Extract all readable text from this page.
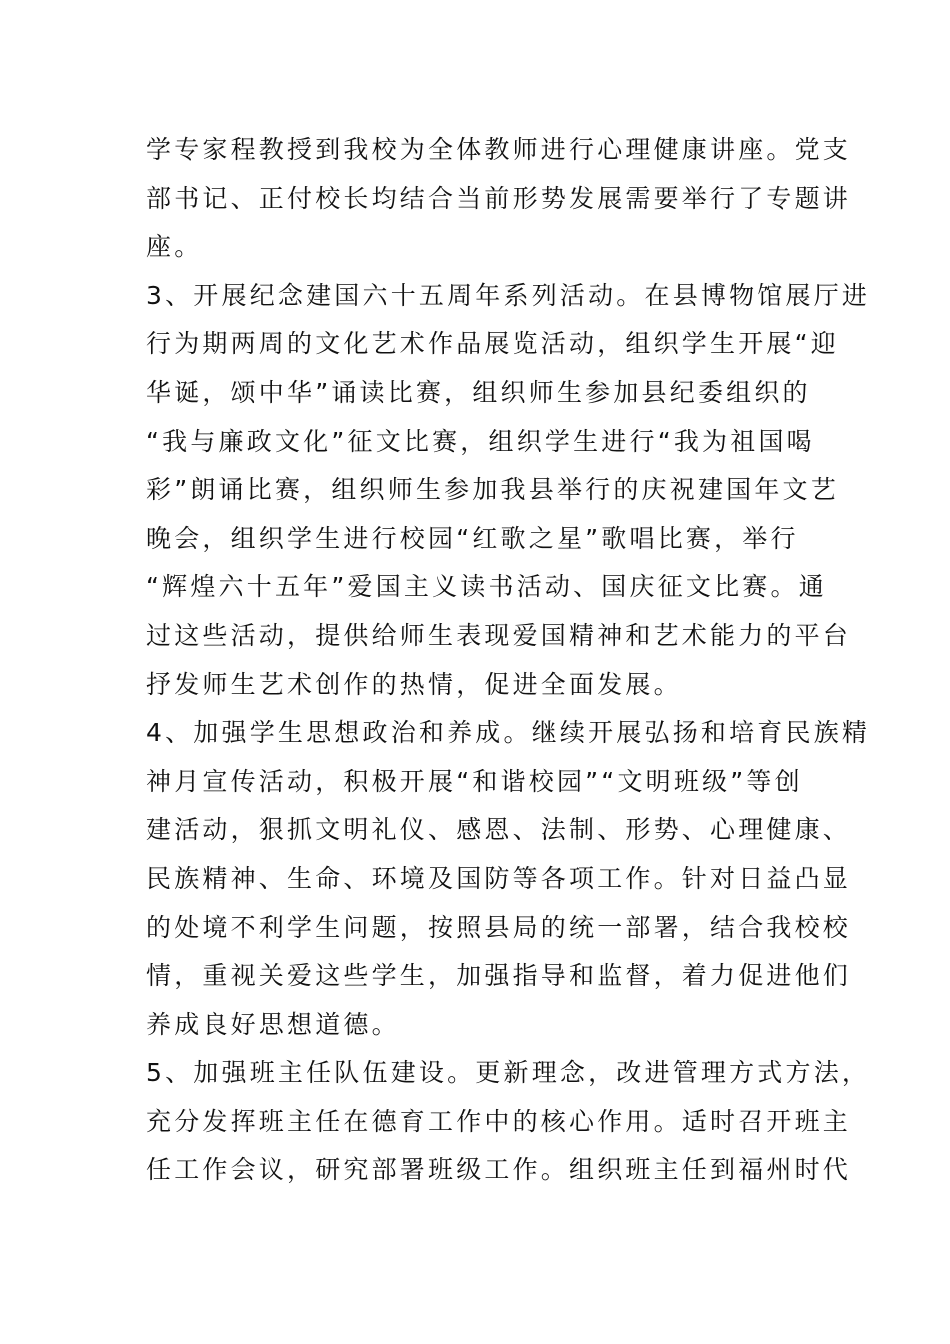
学专家程教授到我校为全体教师进行心理健康讲座。党支
部书记、正付校长均结合当前形势发展需要举行了专题讲
座。
3、开展纪念建国六十五周年系列活动。在县博物馆展厅进
行为期两周的文化艺术作品展览活动，组织学生开展“迎
华诞，颂中华”诵读比赛，组织师生参加县纪委组织的
“我与廉政文化”征文比赛，组织学生进行“我为祖国喝
彩”朗诵比赛，组织师生参加我县举行的庆祝建国年文艺
晚会，组织学生进行校园“红歌之星”歌唱比赛，举行
“辉煌六十五年”爱国主义读书活动、国庆征文比赛。通
过这些活动，提供给师生表现爱国精神和艺术能力的平台
抒发师生艺术创作的热情，促进全面发展。
4、加强学生思想政治和养成。继续开展弘扬和培育民族精
神月宣传活动，积极开展“和谐校园”“文明班级”等创
建活动，狠抓文明礼仪、感恩、法制、形势、心理健康、
民族精神、生命、环境及国防等各项工作。针对日益凸显
的处境不利学生问题，按照县局的统一部署，结合我校校
情，重视关爱这些学生，加强指导和监督，着力促进他们
养成良好思想道德。
5、加强班主任队伍建设。更新理念，改进管理方式方法，
充分发挥班主任在德育工作中的核心作用。适时召开班主
任工作会议，研究部署班级工作。组织班主任到福州时代
